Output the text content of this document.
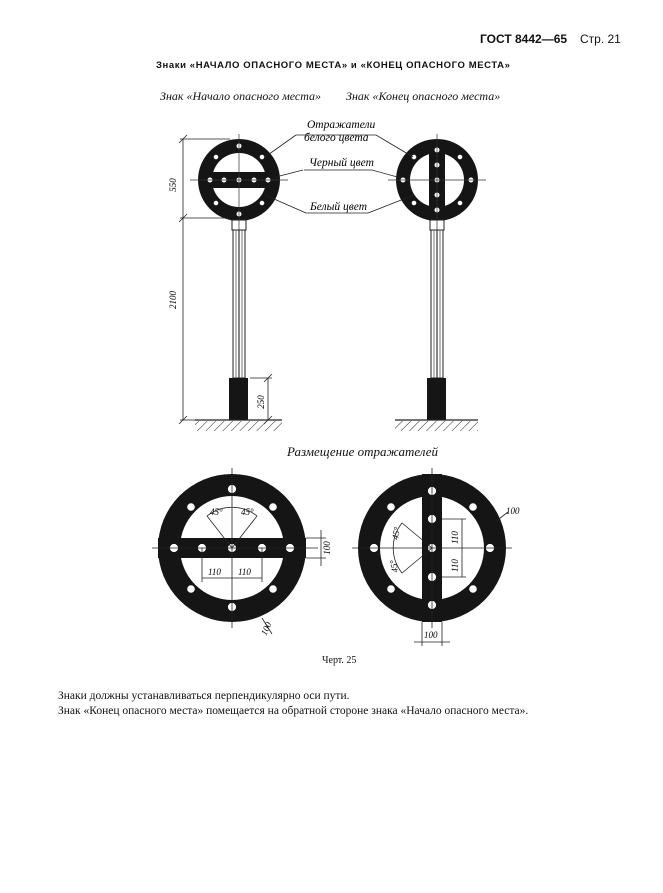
ГОСТ 8442—65 Стр. 21
Знаки «НАЧАЛО ОПАСНОГО МЕСТА» и «КОНЕЦ ОПАСНОГО МЕСТА»
Знак «Начало опасного места» Знак «Конец опасного места»
550
2100
250
Отражатели
белого цвета
Черный цвет
Белый цвет
Размещение отражателей
45° 45°
110 110
100
100
45°
45°
110
110
100
100
Черт. 25
Знаки должны устанавливаться перпендикулярно оси пути.
Знак «Конец опасного места» помещается на обратной стороне знака «Начало опасного места».
